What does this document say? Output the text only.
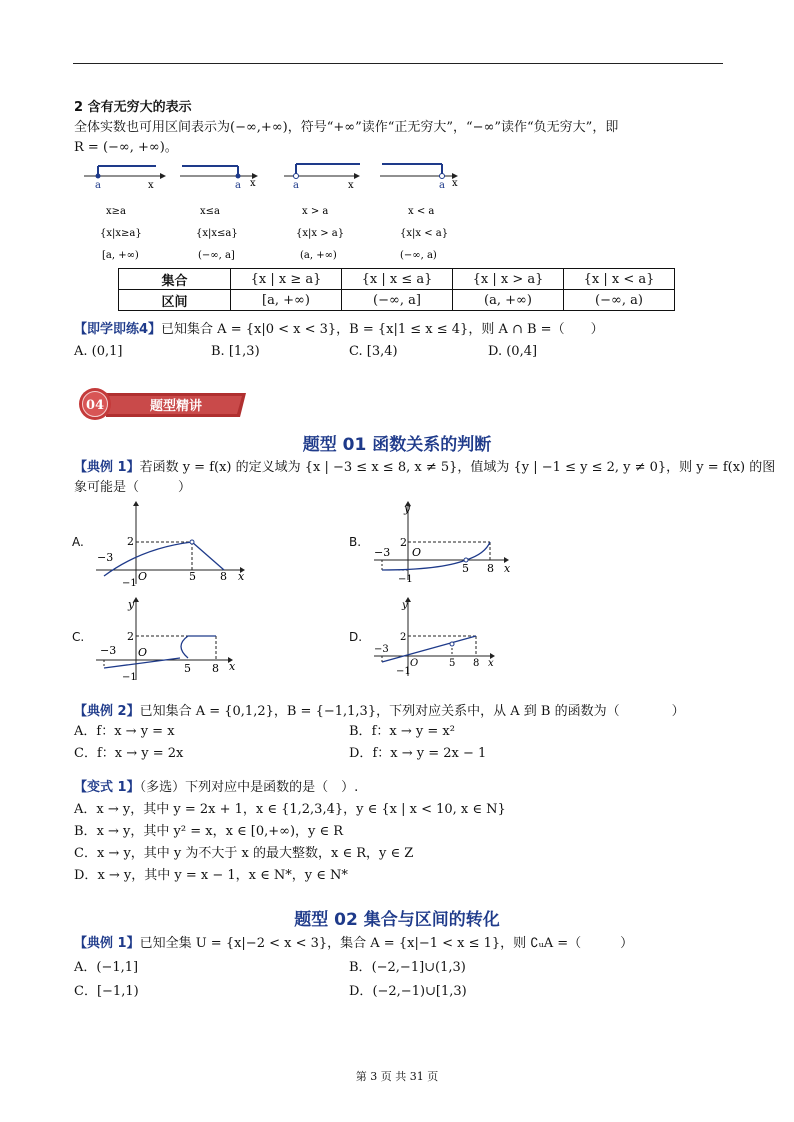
2 含有无穷大的表示
全体实数也可用区间表示为(−∞,+∞)，符号“+∞”读作“正无穷大”，“−∞”读作“负无穷大”，即
R = (−∞, +∞)。
a	x	a x	a	x	a x
x≥a
{x|x≥a}
[a, +∞)
x≤a
{x|x≤a}
(−∞, a]
x > a
{x|x > a}
(a, +∞)
x < a
{x|x < a}
(−∞, a)
集合	{x | x ≥ a}	{x | x ≤ a}	{x | x > a}	{x | x < a}
区间	[a, +∞)	(−∞, a]	(a, +∞)	(−∞, a)
【即学即练4】已知集合 A = {x|0 < x < 3}，B = {x|1 ≤ x ≤ 4}，则 A ∩ B =（　　）
A. (0,1]	B. [1,3)	C. [3,4)	D. (0,4]
04	题型精讲
题型 01 函数关系的判断
【典例 1】若函数 y = f(x) 的定义域为 {x | −3 ≤ x ≤ 8, x ≠ 5}，值域为 {y | −1 ≤ y ≤ 2, y ≠ 0}，则 y = f(x) 的图
象可能是（　　　）
A.
−3
2
O	5 8 x
−1
B.
−3
2
O
5 8 x
−1
y
C.
−3
2
O
5 8 x
−1
y
D.
−3
2
O	5 8 x
−1
y
【典例 2】已知集合 A = {0,1,2}，B = {−1,1,3}，下列对应关系中，从 A 到 B 的函数为（　　　　）
A．f：x → y = x	B．f：x → y = x²
C．f：x → y = 2x	D．f：x → y = 2x − 1
【变式 1】（多选）下列对应中是函数的是（　）.
A．x → y，其中 y = 2x + 1，x ∈ {1,2,3,4}，y ∈ {x | x < 10, x ∈ N}
B．x → y，其中 y² = x，x ∈ [0,+∞)，y ∈ R
C．x → y，其中 y 为不大于 x 的最大整数，x ∈ R，y ∈ Z
D．x → y，其中 y = x − 1，x ∈ N*，y ∈ N*
题型 02 集合与区间的转化
【典例 1】已知全集 U = {x|−2 < x < 3}，集合 A = {x|−1 < x ≤ 1}，则 ∁ᵤA =（　　　）
A．(−1,1]	B．(−2,−1]∪(1,3)
C．[−1,1)	D．(−2,−1)∪[1,3)
第 3 页 共 31 页
